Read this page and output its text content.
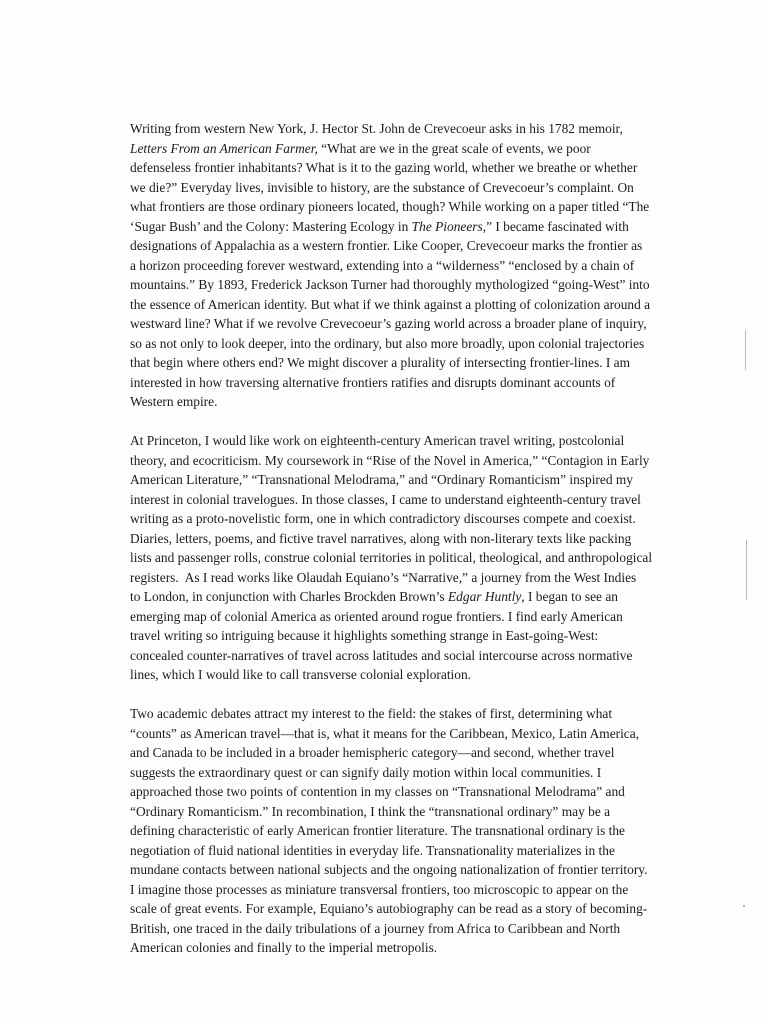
Writing from western New York, J. Hector St. John de Crevecoeur asks in his 1782 memoir,
Letters From an American Farmer, “What are we in the great scale of events, we poor
defenseless frontier inhabitants? What is it to the gazing world, whether we breathe or whether
we die?” Everyday lives, invisible to history, are the substance of Crevecoeur’s complaint. On
what frontiers are those ordinary pioneers located, though? While working on a paper titled “The
‘Sugar Bush’ and the Colony: Mastering Ecology in The Pioneers,” I became fascinated with
designations of Appalachia as a western frontier. Like Cooper, Crevecoeur marks the frontier as
a horizon proceeding forever westward, extending into a “wilderness” “enclosed by a chain of
mountains.” By 1893, Frederick Jackson Turner had thoroughly mythologized “going-West” into
the essence of American identity. But what if we think against a plotting of colonization around a
westward line? What if we revolve Crevecoeur’s gazing world across a broader plane of inquiry,
so as not only to look deeper, into the ordinary, but also more broadly, upon colonial trajectories
that begin where others end? We might discover a plurality of intersecting frontier-lines. I am
interested in how traversing alternative frontiers ratifies and disrupts dominant accounts of
Western empire.
At Princeton, I would like work on eighteenth-century American travel writing, postcolonial
theory, and ecocriticism. My coursework in “Rise of the Novel in America,” “Contagion in Early
American Literature,” “Transnational Melodrama,” and “Ordinary Romanticism” inspired my
interest in colonial travelogues. In those classes, I came to understand eighteenth-century travel
writing as a proto-novelistic form, one in which contradictory discourses compete and coexist.
Diaries, letters, poems, and fictive travel narratives, along with non-literary texts like packing
lists and passenger rolls, construe colonial territories in political, theological, and anthropological
registers.  As I read works like Olaudah Equiano’s “Narrative,” a journey from the West Indies
to London, in conjunction with Charles Brockden Brown’s Edgar Huntly, I began to see an
emerging map of colonial America as oriented around rogue frontiers. I find early American
travel writing so intriguing because it highlights something strange in East-going-West:
concealed counter-narratives of travel across latitudes and social intercourse across normative
lines, which I would like to call transverse colonial exploration.
Two academic debates attract my interest to the field: the stakes of first, determining what
“counts” as American travel—that is, what it means for the Caribbean, Mexico, Latin America,
and Canada to be included in a broader hemispheric category—and second, whether travel
suggests the extraordinary quest or can signify daily motion within local communities. I
approached those two points of contention in my classes on “Transnational Melodrama” and
“Ordinary Romanticism.” In recombination, I think the “transnational ordinary” may be a
defining characteristic of early American frontier literature. The transnational ordinary is the
negotiation of fluid national identities in everyday life. Transnationality materializes in the
mundane contacts between national subjects and the ongoing nationalization of frontier territory.
I imagine those processes as miniature transversal frontiers, too microscopic to appear on the
scale of great events. For example, Equiano’s autobiography can be read as a story of becoming-
British, one traced in the daily tribulations of a journey from Africa to Caribbean and North
American colonies and finally to the imperial metropolis.
